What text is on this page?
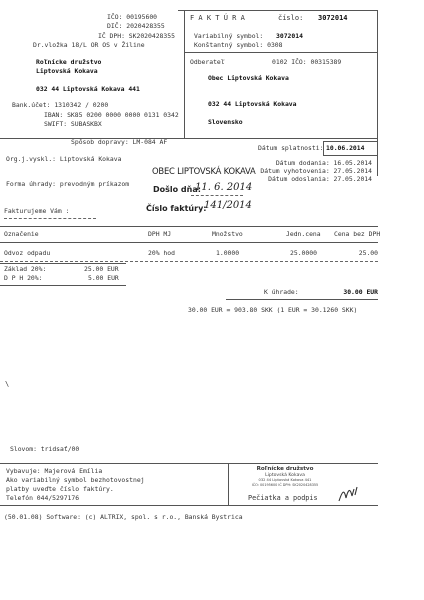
IČO: 00195600
DIČ: 2020428355
IČ DPH: SK2020428355
Dr.vložka 18/L OR OS v Žiline
Roľnícke družstvo
Liptovská Kokava
032 44 Liptovská Kokava 441
Bank.účet: 1310342 / 0200
IBAN: SK85 0200 0000 0000 0131 0342
SWIFT: SUBASKBX
F A K T Ú R A	číslo: 3072014
Variabilný symbol: 3072014
Konštantný symbol: 0308
Odberateľ	0102 IČO: 00315389
Obec Liptovská Kokava
032 44 Liptovská Kokava
Slovensko
Spôsob dopravy: LM-084 AF
Dátum splatnosti: 10.06.2014
Org.j.vyskl.: Liptovská Kokava	Dátum dodania: 16.05.2014
Dátum vyhotovenia: 27.05.2014
Dátum odoslania: 27.05.2014
Forma úhrady: prevodným príkazom
OBEC LIPTOVSKÁ KOKAVA
Došlo dňa:
11. 6. 2014
Číslo faktúry:
141/2014
Fakturujeme Vám :
Označenie	DPH MJ	Množstvo	Jedn.cena Cena bez DPH
Odvoz odpadu	20% hod	1.0000	25.0000	25.00
Základ 20%:	25.00 EUR
D P H 20%:	5.00 EUR
K úhrade:	30.00 EUR
30.00 EUR = 903.80 SKK (1 EUR = 30.1260 SKK)
\
Slovom: tridsať/00
Vybavuje: Majerová Emília
Ako variabilný symbol bezhotovostnej
platby uveďte číslo faktúry.
Telefón 044/5297176
Roľnícke družstvo
Liptovská Kokava
032 44 Liptovská Kokava 441
IČO: 00195600 IČ DPH: SK2020428355
Pečiatka a podpis
(50.01.08) Software: (c) ALTRIX, spol. s r.o., Banská Bystrica
